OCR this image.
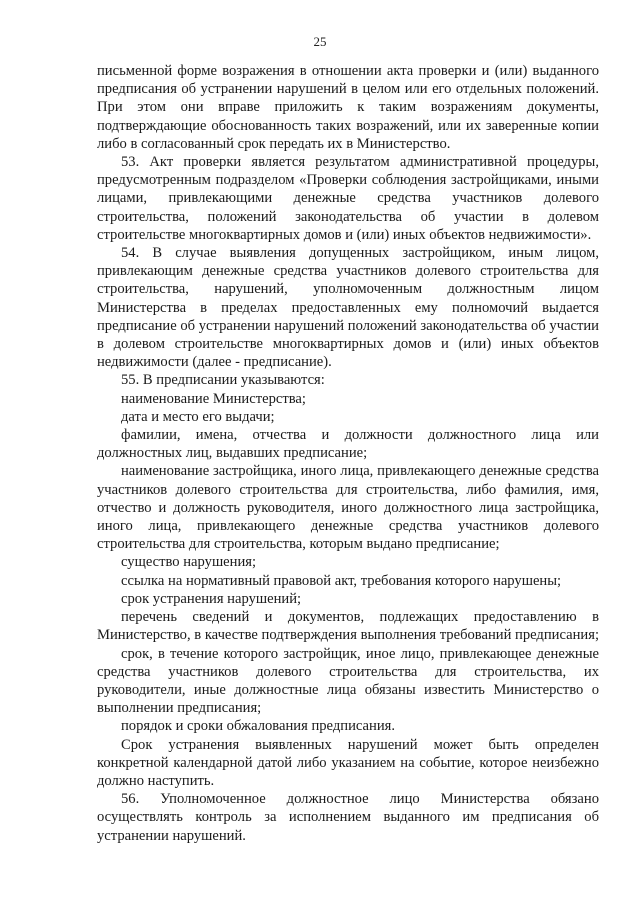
25

письменной форме возражения в отношении акта проверки и (или) выданного предписания об устранении нарушений в целом или его отдельных положений. При этом они вправе приложить к таким возражениям документы, подтверждающие обоснованность таких возражений, или их заверенные копии либо в согласованный срок передать их в Министерство.

53. Акт проверки является результатом административной процедуры, предусмотренным подразделом «Проверки соблюдения застройщиками, иными лицами, привлекающими денежные средства участников долевого строительства, положений законодательства об участии в долевом строительстве многоквартирных домов и (или) иных объектов недвижимости».

54. В случае выявления допущенных застройщиком, иным лицом, привлекающим денежные средства участников долевого строительства для строительства, нарушений, уполномоченным должностным лицом Министерства в пределах предоставленных ему полномочий выдается предписание об устранении нарушений положений законодательства об участии в долевом строительстве многоквартирных домов и (или) иных объектов недвижимости (далее - предписание).

55. В предписании указываются:

наименование Министерства;

дата и место его выдачи;

фамилии, имена, отчества и должности должностного лица или должностных лиц, выдавших предписание;

наименование застройщика, иного лица, привлекающего денежные средства участников долевого строительства для строительства, либо фамилия, имя, отчество и должность руководителя, иного должностного лица застройщика, иного лица, привлекающего денежные средства участников долевого строительства для строительства, которым выдано предписание;

существо нарушения;

ссылка на нормативный правовой акт, требования которого нарушены;

срок устранения нарушений;

перечень сведений и документов, подлежащих предоставлению в Министерство, в качестве подтверждения выполнения требований предписания;

срок, в течение которого застройщик, иное лицо, привлекающее денежные средства участников долевого строительства для строительства, их руководители, иные должностные лица обязаны известить Министерство о выполнении предписания;

порядок и сроки обжалования предписания.

Срок устранения выявленных нарушений может быть определен конкретной календарной датой либо указанием на событие, которое неизбежно должно наступить.

56. Уполномоченное должностное лицо Министерства обязано осуществлять контроль за исполнением выданного им предписания об устранении нарушений.
